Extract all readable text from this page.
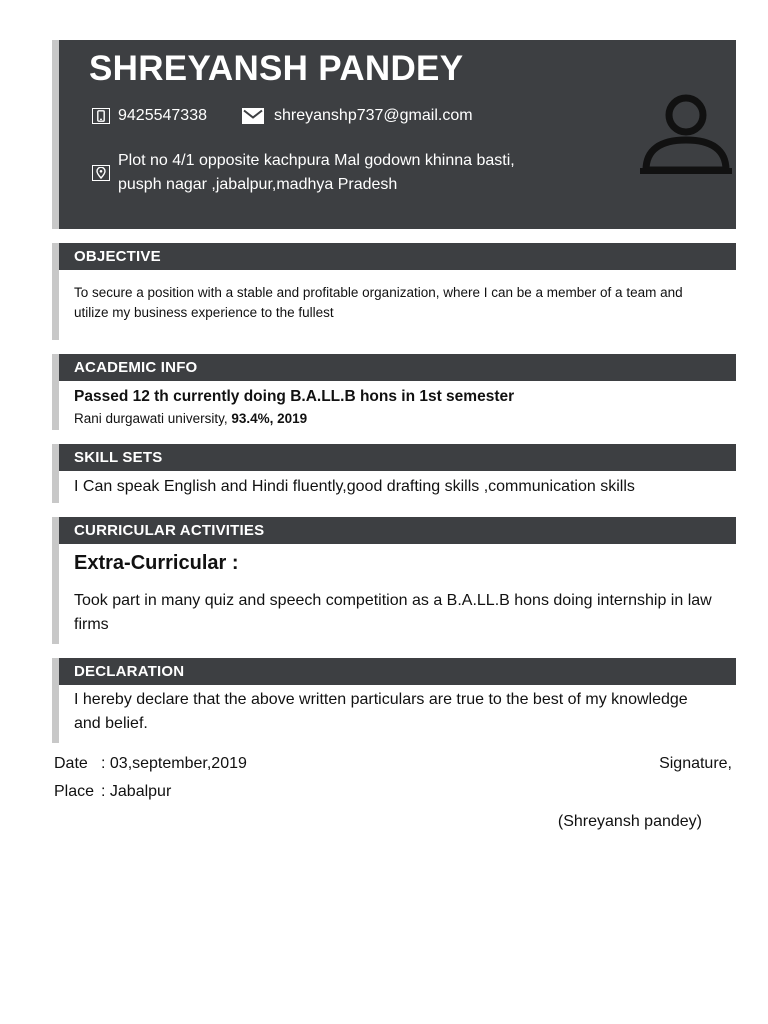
SHREYANSH PANDEY
9425547338	shreyanshp737@gmail.com
Plot no 4/1 opposite kachpura Mal godown khinna basti,
pusph nagar ,jabalpur,madhya Pradesh
OBJECTIVE

To secure a position with a stable and profitable organization, where I can be a member of a team and utilize my business experience to the fullest

ACADEMIC INFO

Passed 12 th currently doing B.A.LL.B hons in 1st semester

Rani durgawati university, 93.4%, 2019

SKILL SETS

I Can speak English and Hindi fluently,good drafting skills ,communication skills

CURRICULAR ACTIVITIES

Extra-Curricular :

Took part in many quiz and speech competition as a B.A.LL.B hons doing internship in law firms

DECLARATION

I hereby declare that the above written particulars are true to the best of my knowledge and belief.

Date : 03,september,2019	Signature,
Place : Jabalpur
(Shreyansh pandey)
